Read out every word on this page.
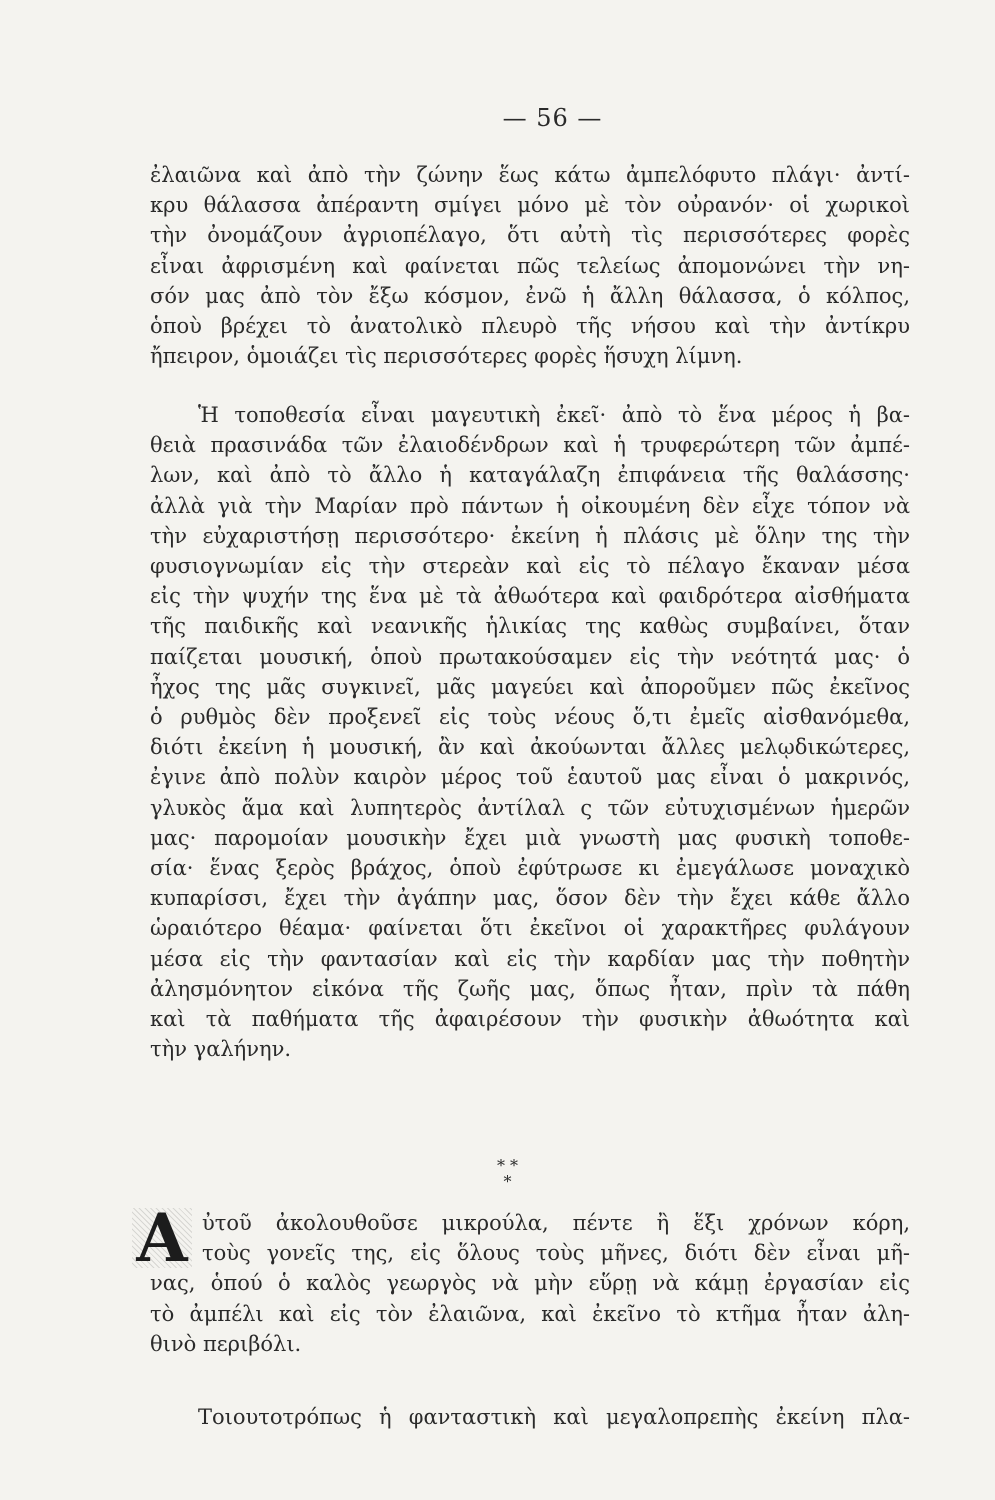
— 56 —
ἐλαιῶνα καὶ ἀπὸ τὴν ζώνην ἕως κάτω ἀμπελόφυτο πλάγι· ἀντί-
κρυ θάλασσα ἀπέραντη σμίγει μόνο μὲ τὸν οὐρανόν· οἱ χωρικοὶ
τὴν ὀνομάζουν ἀγριοπέλαγο, ὅτι αὐτὴ τὶς περισσότερες φορὲς
εἶναι ἀφρισμένη καὶ φαίνεται πῶς τελείως ἀπομονώνει τὴν νη-
σόν μας ἀπὸ τὸν ἔξω κόσμον, ἐνῶ ἡ ἄλλη θάλασσα, ὁ κόλπος,
ὁποὺ βρέχει τὸ ἀνατολικὸ πλευρὸ τῆς νήσου καὶ τὴν ἀντίκρυ
ἤπειρον, ὁμοιάζει τὶς περισσότερες φορὲς ἥσυχη λίμνη.
Ἡ τοποθεσία εἶναι μαγευτικὴ ἐκεῖ· ἀπὸ τὸ ἕνα μέρος ἡ βα-
θειὰ πρασινάδα τῶν ἐλαιοδένδρων καὶ ἡ τρυφερώτερη τῶν ἀμπέ-
λων, καὶ ἀπὸ τὸ ἄλλο ἡ καταγάλαζη ἐπιφάνεια τῆς θαλάσσης·
ἀλλὰ γιὰ τὴν Μαρίαν πρὸ πάντων ἡ οἰκουμένη δὲν εἶχε τόπον νὰ
τὴν εὐχαριστήσῃ περισσότερο· ἐκείνη ἡ πλάσις μὲ ὅλην της τὴν
φυσιογνωμίαν εἰς τὴν στερεὰν καὶ εἰς τὸ πέλαγο ἔκαναν μέσα
εἰς τὴν ψυχήν της ἕνα μὲ τὰ ἀθωότερα καὶ φαιδρότερα αἰσθήματα
τῆς παιδικῆς καὶ νεανικῆς ἡλικίας της καθὼς συμβαίνει, ὅταν
παίζεται μουσική, ὁποὺ πρωτακούσαμεν εἰς τὴν νεότητά μας· ὁ
ἦχος της μᾶς συγκινεῖ, μᾶς μαγεύει καὶ ἀποροῦμεν πῶς ἐκεῖνος
ὁ ρυθμὸς δὲν προξενεῖ εἰς τοὺς νέους ὅ,τι ἐμεῖς αἰσθανόμεθα,
διότι ἐκείνη ἡ μουσική, ἂν καὶ ἀκούωνται ἄλλες μελῳδικώτερες,
ἐγινε ἀπὸ πολὺν καιρὸν μέρος τοῦ ἑαυτοῦ μας εἶναι ὁ μακρινός,
γλυκὸς ἅμα καὶ λυπητερὸς ἀντίλαλ ς τῶν εὐτυχισμένων ἡμερῶν
μας· παρομοίαν μουσικὴν ἔχει μιὰ γνωστὴ μας φυσικὴ τοποθε-
σία· ἕνας ξερὸς βράχος, ὁποὺ ἐφύτρωσε κι ἐμεγάλωσε μοναχικὸ
κυπαρίσσι, ἔχει τὴν ἀγάπην μας, ὅσον δὲν τὴν ἔχει κάθε ἄλλο
ὡραιότερο θέαμα· φαίνεται ὅτι ἐκεῖνοι οἱ χαρακτῆρες φυλάγουν
μέσα εἰς τὴν φαντασίαν καὶ εἰς τὴν καρδίαν μας τὴν ποθητὴν
ἀλησμόνητον εἰκόνα τῆς ζωῆς μας, ὅπως ἦταν, πρὶν τὰ πάθη
καὶ τὰ παθήματα τῆς ἀφαιρέσουν τὴν φυσικὴν ἀθωότητα καὶ
τὴν γαλήνην.
* *
*
Α ὐτοῦ ἀκολουθοῦσε μικρούλα, πέντε ἢ ἕξι χρόνων κόρη,
τοὺς γονεῖς της, εἰς ὅλους τοὺς μῆνες, διότι δὲν εἶναι μῆ-
νας, ὁπού ὁ καλὸς γεωργὸς νὰ μὴν εὕρῃ νὰ κάμῃ ἐργασίαν εἰς
τὸ ἀμπέλι καὶ εἰς τὸν ἐλαιῶνα, καὶ ἐκεῖνο τὸ κτῆμα ἦταν ἀλη-
θινὸ περιβόλι.
Τοιουτοτρόπως ἡ φανταστικὴ καὶ μεγαλοπρεπὴς ἐκείνη πλα-
